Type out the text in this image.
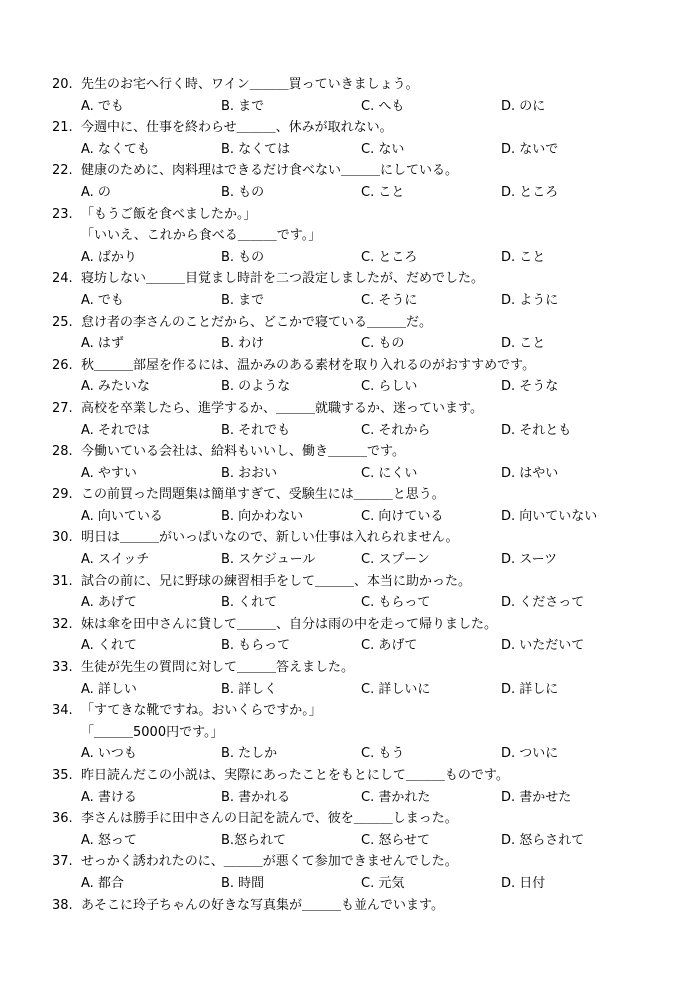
20. 先生のお宅へ行く時、ワイン＿＿＿買っていきましょう。
A. でも	B. まで	C. へも	D. のに
21. 今週中に、仕事を終わらせ＿＿＿、休みが取れない。
A. なくても	B. なくては	C. ない	D. ないで
22. 健康のために、肉料理はできるだけ食べない＿＿＿にしている。
A. の	B. もの	C. こと	D. ところ
23. 「もうご飯を食べましたか。」
「いいえ、これから食べる＿＿＿です。」
A. ばかり	B. もの	C. ところ	D. こと
24. 寝坊しない＿＿＿目覚まし時計を二つ設定しましたが、だめでした。
A. でも	B. まで	C. そうに	D. ように
25. 怠け者の李さんのことだから、どこかで寝ている＿＿＿だ。
A. はず	B. わけ	C. もの	D. こと
26. 秋＿＿＿部屋を作るには、温かみのある素材を取り入れるのがおすすめです。
A. みたいな	B. のような	C. らしい	D. そうな
27. 高校を卒業したら、進学するか、＿＿＿就職するか、迷っています。
A. それでは	B. それでも	C. それから	D. それとも
28. 今働いている会社は、給料もいいし、働き＿＿＿です。
A. やすい	B. おおい	C. にくい	D. はやい
29. この前買った問題集は簡単すぎて、受験生には＿＿＿と思う。
A. 向いている	B. 向かわない	C. 向けている	D. 向いていない
30. 明日は＿＿＿がいっぱいなので、新しい仕事は入れられません。
A. スイッチ	B. スケジュール	C. スプーン	D. スーツ
31. 試合の前に、兄に野球の練習相手をして＿＿＿、本当に助かった。
A. あげて	B. くれて	C. もらって	D. くださって
32. 妹は傘を田中さんに貸して＿＿＿、自分は雨の中を走って帰りました。
A. くれて	B. もらって	C. あげて	D. いただいて
33. 生徒が先生の質問に対して＿＿＿答えました。
A. 詳しい	B. 詳しく	C. 詳しいに	D. 詳しに
34. 「すてきな靴ですね。おいくらですか。」
「＿＿＿5000円です。」
A. いつも	B. たしか	C. もう	D. ついに
35. 昨日読んだこの小説は、実際にあったことをもとにして＿＿＿ものです。
A. 書ける	B. 書かれる	C. 書かれた	D. 書かせた
36. 李さんは勝手に田中さんの日記を読んで、彼を＿＿＿しまった。
A. 怒って	B.怒られて	C. 怒らせて	D. 怒らされて
37. せっかく誘われたのに、＿＿＿が悪くて参加できませんでした。
A. 都合	B. 時間	C. 元気	D. 日付
38. あそこに玲子ちゃんの好きな写真集が＿＿＿も並んでいます。
